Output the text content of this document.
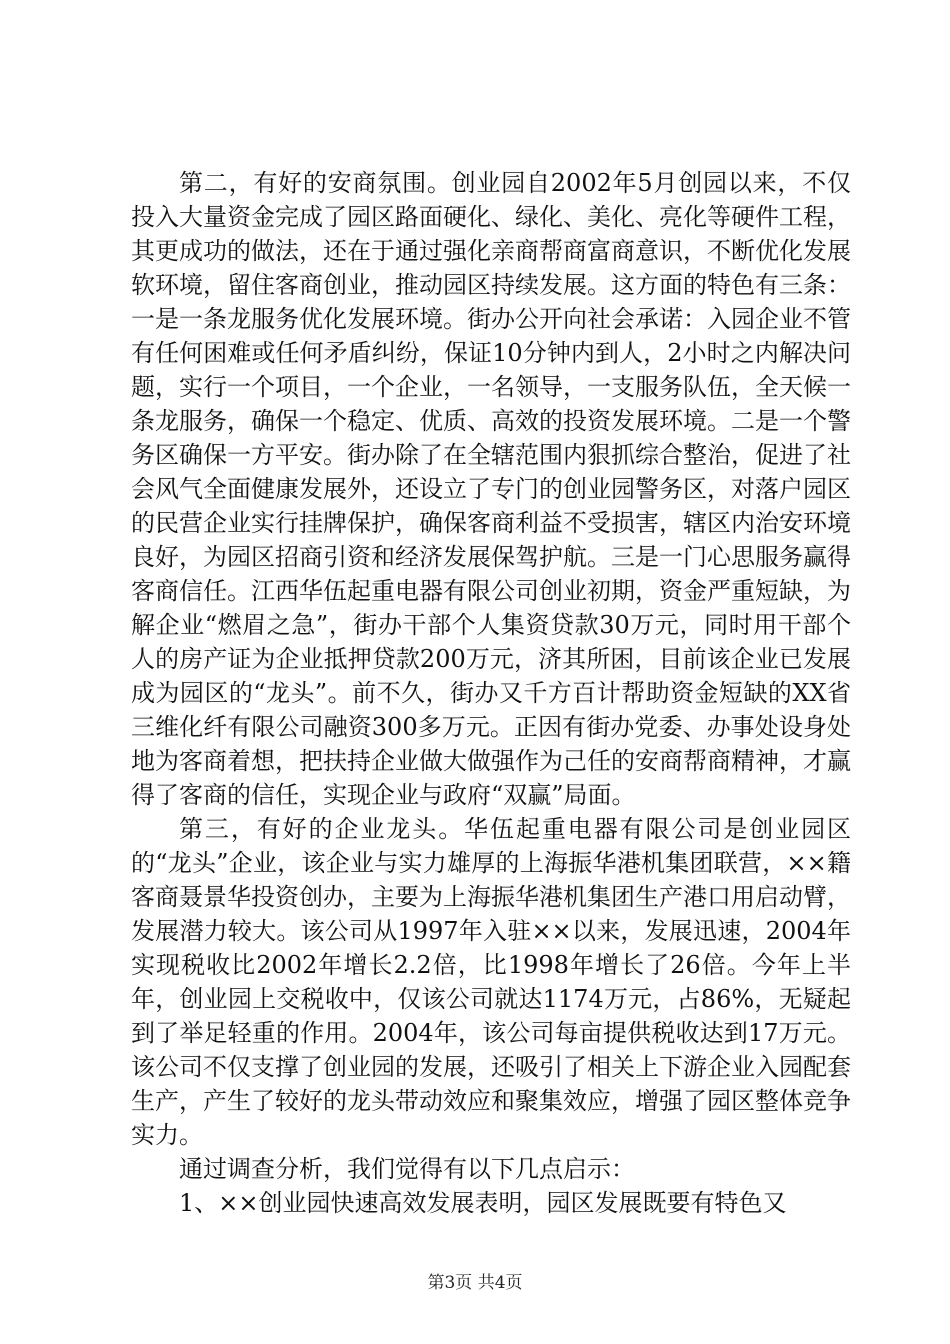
第二，有好的安商氛围。创业园自2002年5月创园以来，不仅投入大量资金完成了园区路面硬化、绿化、美化、亮化等硬件工程，其更成功的做法，还在于通过强化亲商帮商富商意识，不断优化发展软环境，留住客商创业，推动园区持续发展。这方面的特色有三条：一是一条龙服务优化发展环境。街办公开向社会承诺：入园企业不管有任何困难或任何矛盾纠纷，保证10分钟内到人，2小时之内解决问题，实行一个项目，一个企业，一名领导，一支服务队伍，全天候一条龙服务，确保一个稳定、优质、高效的投资发展环境。二是一个警务区确保一方平安。街办除了在全辖范围内狠抓综合整治，促进了社会风气全面健康发展外，还设立了专门的创业园警务区，对落户园区的民营企业实行挂牌保护，确保客商利益不受损害，辖区内治安环境良好，为园区招商引资和经济发展保驾护航。三是一门心思服务赢得客商信任。江西华伍起重电器有限公司创业初期，资金严重短缺，为解企业“燃眉之急”，街办干部个人集资贷款30万元，同时用干部个人的房产证为企业抵押贷款200万元，济其所困，目前该企业已发展成为园区的“龙头”。前不久，街办又千方百计帮助资金短缺的XX省三维化纤有限公司融资300多万元。正因有街办党委、办事处设身处地为客商着想，把扶持企业做大做强作为己任的安商帮商精神，才赢得了客商的信任，实现企业与政府“双赢”局面。

第三，有好的企业龙头。华伍起重电器有限公司是创业园区的“龙头”企业，该企业与实力雄厚的上海振华港机集团联营，××籍客商聂景华投资创办，主要为上海振华港机集团生产港口用启动臂，发展潜力较大。该公司从1997年入驻××以来，发展迅速，2004年实现税收比2002年增长2.2倍，比1998年增长了26倍。今年上半年，创业园上交税收中，仅该公司就达1174万元，占86%，无疑起到了举足轻重的作用。2004年，该公司每亩提供税收达到17万元。该公司不仅支撑了创业园的发展，还吸引了相关上下游企业入园配套生产，产生了较好的龙头带动效应和聚集效应，增强了园区整体竞争实力。

通过调查分析，我们觉得有以下几点启示：

1、××创业园快速高效发展表明，园区发展既要有特色又

第3页 共4页
